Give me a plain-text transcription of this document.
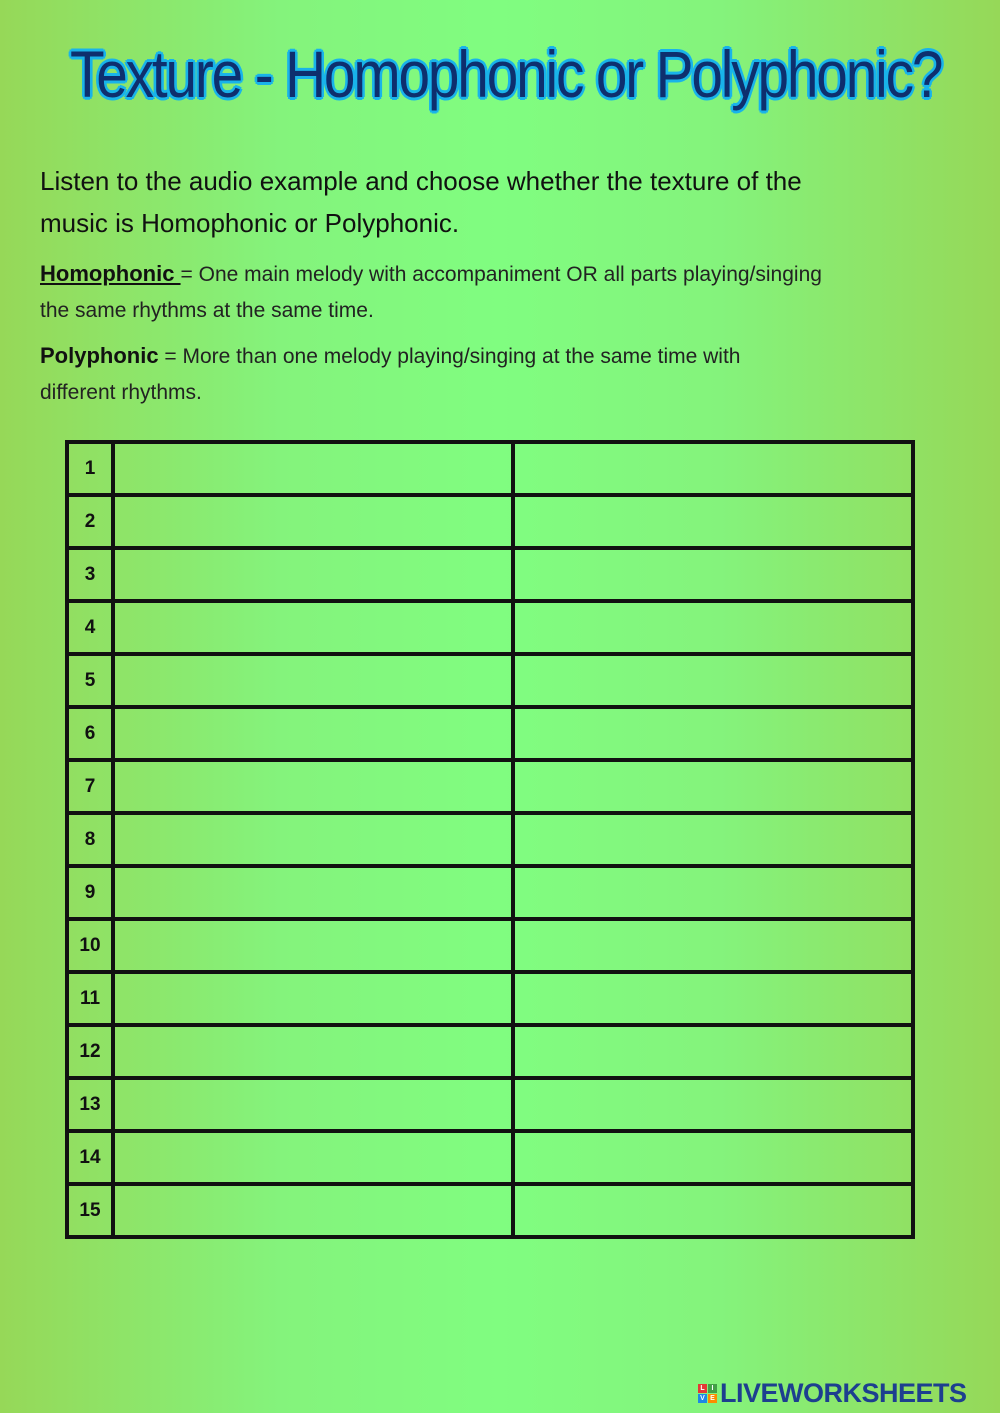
Texture - Homophonic or Polyphonic?
Listen to the audio example and choose whether the texture of the
music is Homophonic or Polyphonic.
Homophonic = One main melody with accompaniment OR all parts playing/singing
the same rhythms at the same time.
Polyphonic = More than one melody playing/singing at the same time with
different rhythms.
1		
2		
3		
4		
5		
6		
7		
8		
9		
10		
11		
12		
13		
14		
15		
L I
V E LIVEWORKSHEETS
